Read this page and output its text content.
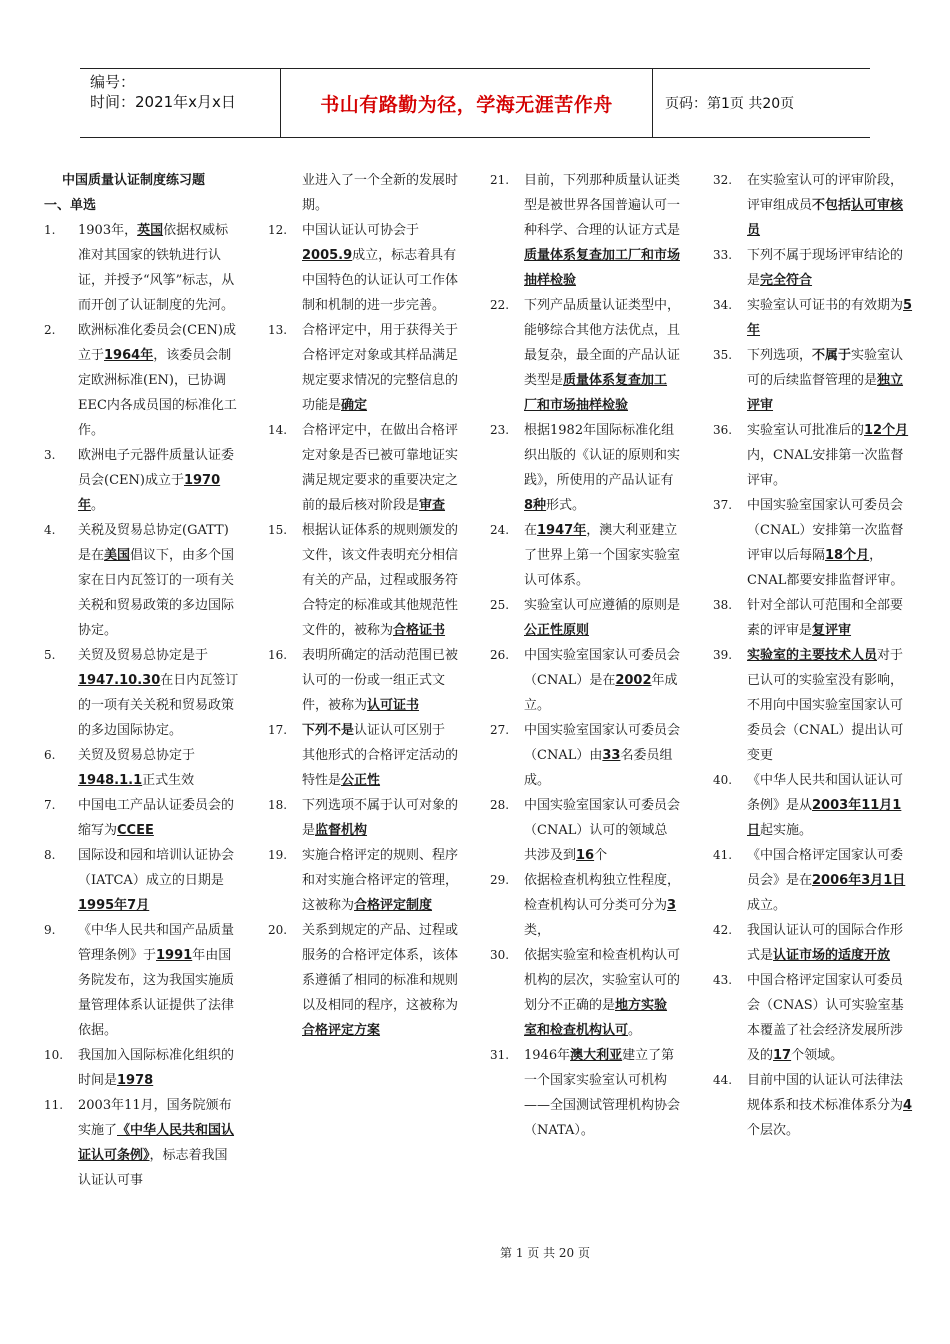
编号：
时间：2021年x月x日	书山有路勤为径，学海无涯苦作舟	页码：第1页 共20页
中国质量认证制度练习题
一、单选
1.	1903年，英国依据权威标准对其国家的铁轨进行认证，并授予“风筝”标志，从而开创了认证制度的先河。
2.	欧洲标准化委员会(CEN)成立于1964年，该委员会制定欧洲标准(EN)，已协调EEC内各成员国的标准化工作。
3.	欧洲电子元器件质量认证委员会(CEN)成立于1970年。
4.	关税及贸易总协定(GATT)是在美国倡议下，由多个国家在日内瓦签订的一项有关关税和贸易政策的多边国际协定。
5.	关贸及贸易总协定是于1947.10.30在日内瓦签订的一项有关关税和贸易政策的多边国际协定。
6.	关贸及贸易总协定于1948.1.1正式生效
7.	中国电工产品认证委员会的缩写为CCEE
8.	国际设和园和培训认证协会（IATCA）成立的日期是1995年7月
9.	《中华人民共和国产品质量管理条例》于1991年由国务院发布，这为我国实施质量管理体系认证提供了法律依据。
10.	我国加入国际标准化组织的时间是1978
11.	2003年11月，国务院颁布实施了《中华人民共和国认证认可条例》，标志着我国认证认可事
业进入了一个全新的发展时期。
12.	中国认证认可协会于2005.9成立，标志着具有中国特色的认证认可工作体制和机制的进一步完善。
13.	合格评定中，用于获得关于合格评定对象或其样品满足规定要求情况的完整信息的功能是确定
14.	合格评定中，在做出合格评定对象是否已被可靠地证实满足规定要求的重要决定之前的最后核对阶段是审查
15.	根据认证体系的规则颁发的文件，该文件表明充分相信有关的产品，过程或服务符合特定的标准或其他规范性文件的，被称为合格证书
16.	表明所确定的活动范围已被认可的一份或一组正式文件，被称为认可证书
17.	下列不是认证认可区别于其他形式的合格评定活动的特性是公正性
18.	下列选项不属于认可对象的是监督机构
19.	实施合格评定的规则、程序和对实施合格评定的管理，这被称为合格评定制度
20.	关系到规定的产品、过程或服务的合格评定体系，该体系遵循了相同的标准和规则以及相同的程序，这被称为合格评定方案
21.	目前，下列那种质量认证类型是被世界各国普遍认可一种科学、合理的认证方式是质量体系复查加工厂和市场抽样检验
22.	下列产品质量认证类型中，能够综合其他方法优点，且最复杂，最全面的产品认证类型是质量体系复查加工厂和市场抽样检验
23.	根据1982年国际标准化组织出版的《认证的原则和实践》，所使用的产品认证有8种形式。
24.	在1947年，澳大利亚建立了世界上第一个国家实验室认可体系。
25.	实验室认可应遵循的原则是公正性原则
26.	中国实验室国家认可委员会（CNAL）是在2002年成立。
27.	中国实验室国家认可委员会（CNAL）由33名委员组成。
28.	中国实验室国家认可委员会（CNAL）认可的领域总共涉及到16个
29.	依据检查机构独立性程度，检查机构认可分类可分为3类，
30.	依据实验室和检查机构认可机构的层次，实验室认可的划分不正确的是地方实验室和检查机构认可。
31.	1946年澳大利亚建立了第一个国家实验室认可机构——全国测试管理机构协会（NATA）。
32.	在实验室认可的评审阶段，评审组成员不包括认可审核员
33.	下列不属于现场评审结论的是完全符合
34.	实验室认可证书的有效期为5年
35.	下列选项，不属于实验室认可的后续监督管理的是独立评审
36.	实验室认可批准后的12个月内，CNAL安排第一次监督评审。
37.	中国实验室国家认可委员会（CNAL）安排第一次监督评审以后每隔18个月，CNAL都要安排监督评审。
38.	针对全部认可范围和全部要素的评审是复评审
39.	实验室的主要技术人员对于已认可的实验室没有影响，不用向中国实验室国家认可委员会（CNAL）提出认可变更
40.	《中华人民共和国认证认可条例》是从2003年11月1日起实施。
41.	《中国合格评定国家认可委员会》是在2006年3月1日成立。
42.	我国认证认可的国际合作形式是认证市场的适度开放
43.	中国合格评定国家认可委员会（CNAS）认可实验室基本覆盖了社会经济发展所涉及的17个领域。
44.	目前中国的认证认可法律法规体系和技术标准体系分为4个层次。
第 1 页 共 20 页
